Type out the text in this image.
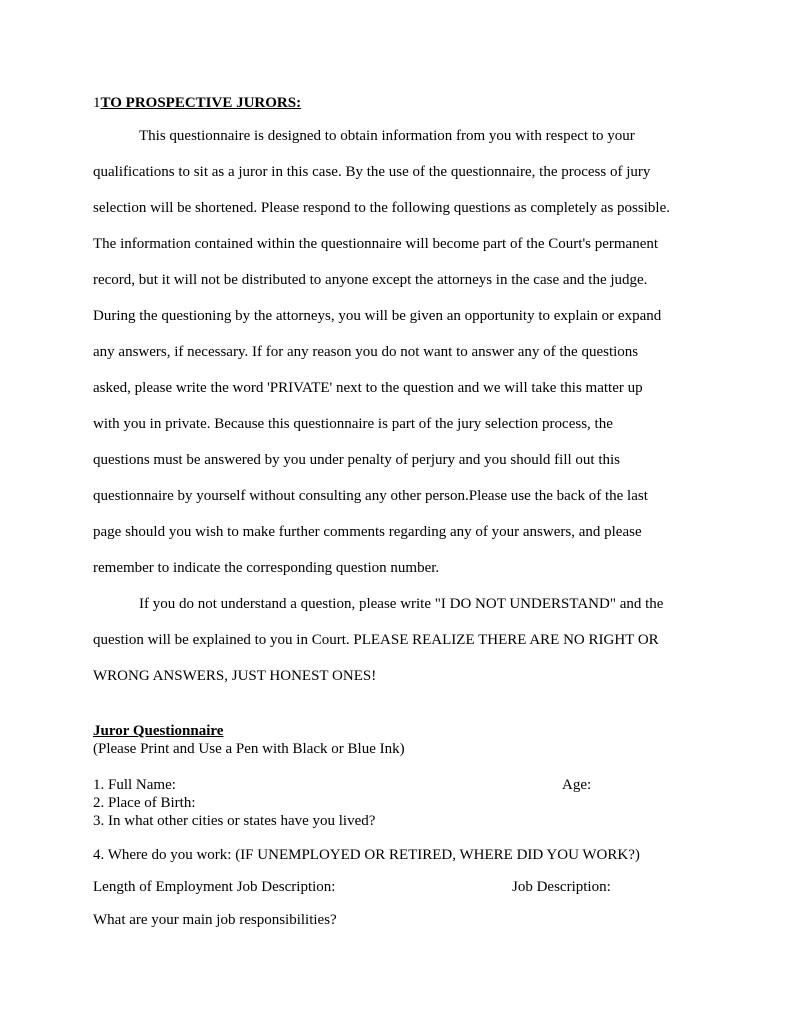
1TO PROSPECTIVE JURORS:
This questionnaire is designed to obtain information from you with respect to your
qualifications to sit as a juror in this case. By the use of the questionnaire, the process of jury
selection will be shortened. Please respond to the following questions as completely as possible.
The information contained within the questionnaire will become part of the Court's permanent
record, but it will not be distributed to anyone except the attorneys in the case and the judge.
During the questioning by the attorneys, you will be given an opportunity to explain or expand
any answers, if necessary. If for any reason you do not want to answer any of the questions
asked, please write the word 'PRIVATE' next to the question and we will take this matter up
with you in private. Because this questionnaire is part of the jury selection process, the
questions must be answered by you under penalty of perjury and you should fill out this
questionnaire by yourself without consulting any other person.Please use the back of the last
page should you wish to make further comments regarding any of your answers, and please
remember to indicate the corresponding question number.
If you do not understand a question, please write "I DO NOT UNDERSTAND" and the
question will be explained to you in Court. PLEASE REALIZE THERE ARE NO RIGHT OR
WRONG ANSWERS, JUST HONEST ONES!
Juror Questionnaire
(Please Print and Use a Pen with Black or Blue Ink)
1. Full Name:	Age:
2. Place of Birth:
3. In what other cities or states have you lived?
4. Where do you work: (IF UNEMPLOYED OR RETIRED, WHERE DID YOU WORK?)
Length of Employment Job Description:	Job Description:
What are your main job responsibilities?
